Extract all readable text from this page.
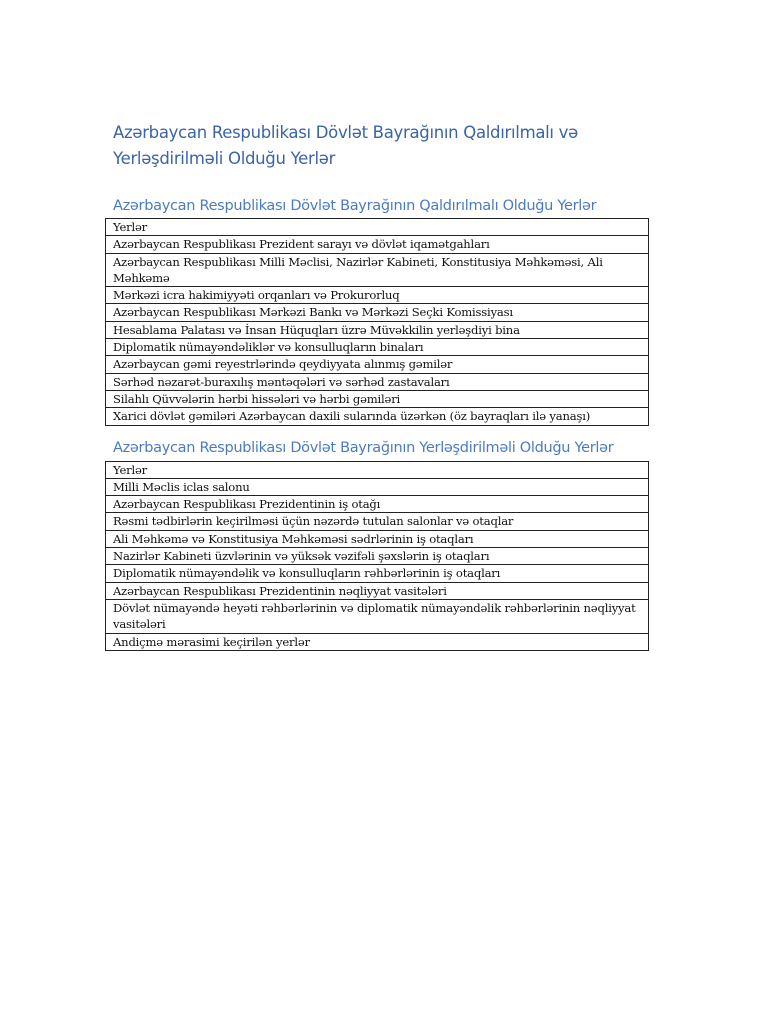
Azərbaycan Respublikası Dövlət Bayrağının Qaldırılmalı və Yerləşdirilməli Olduğu Yerlər
Azərbaycan Respublikası Dövlət Bayrağının Qaldırılmalı Olduğu Yerlər
Yerlər
Azərbaycan Respublikası Prezident sarayı və dövlət iqamətgahları
Azərbaycan Respublikası Milli Məclisi, Nazirlər Kabineti, Konstitusiya Məhkəməsi, Ali Məhkəmə
Mərkəzi icra hakimiyyəti orqanları və Prokurorluq
Azərbaycan Respublikası Mərkəzi Bankı və Mərkəzi Seçki Komissiyası
Hesablama Palatası və İnsan Hüquqları üzrə Müvəkkilin yerləşdiyi bina
Diplomatik nümayəndəliklər və konsulluqların binaları
Azərbaycan gəmi reyestrlərində qeydiyyata alınmış gəmilər
Sərhəd nəzarət-buraxılış məntəqələri və sərhəd zastavaları
Silahlı Qüvvələrin hərbi hissələri və hərbi gəmiləri
Xarici dövlət gəmiləri Azərbaycan daxili sularında üzərkən (öz bayraqları ilə yanaşı)
Azərbaycan Respublikası Dövlət Bayrağının Yerləşdirilməli Olduğu Yerlər
Yerlər
Milli Məclis iclas salonu
Azərbaycan Respublikası Prezidentinin iş otağı
Rəsmi tədbirlərin keçirilməsi üçün nəzərdə tutulan salonlar və otaqlar
Ali Məhkəmə və Konstitusiya Məhkəməsi sədrlərinin iş otaqları
Nazirlər Kabineti üzvlərinin və yüksək vəzifəli şəxslərin iş otaqları
Diplomatik nümayəndəlik və konsulluqların rəhbərlərinin iş otaqları
Azərbaycan Respublikası Prezidentinin nəqliyyat vasitələri
Dövlət nümayəndə heyəti rəhbərlərinin və diplomatik nümayəndəlik rəhbərlərinin nəqliyyat vasitələri
Andiçmə mərasimi keçirilən yerlər
